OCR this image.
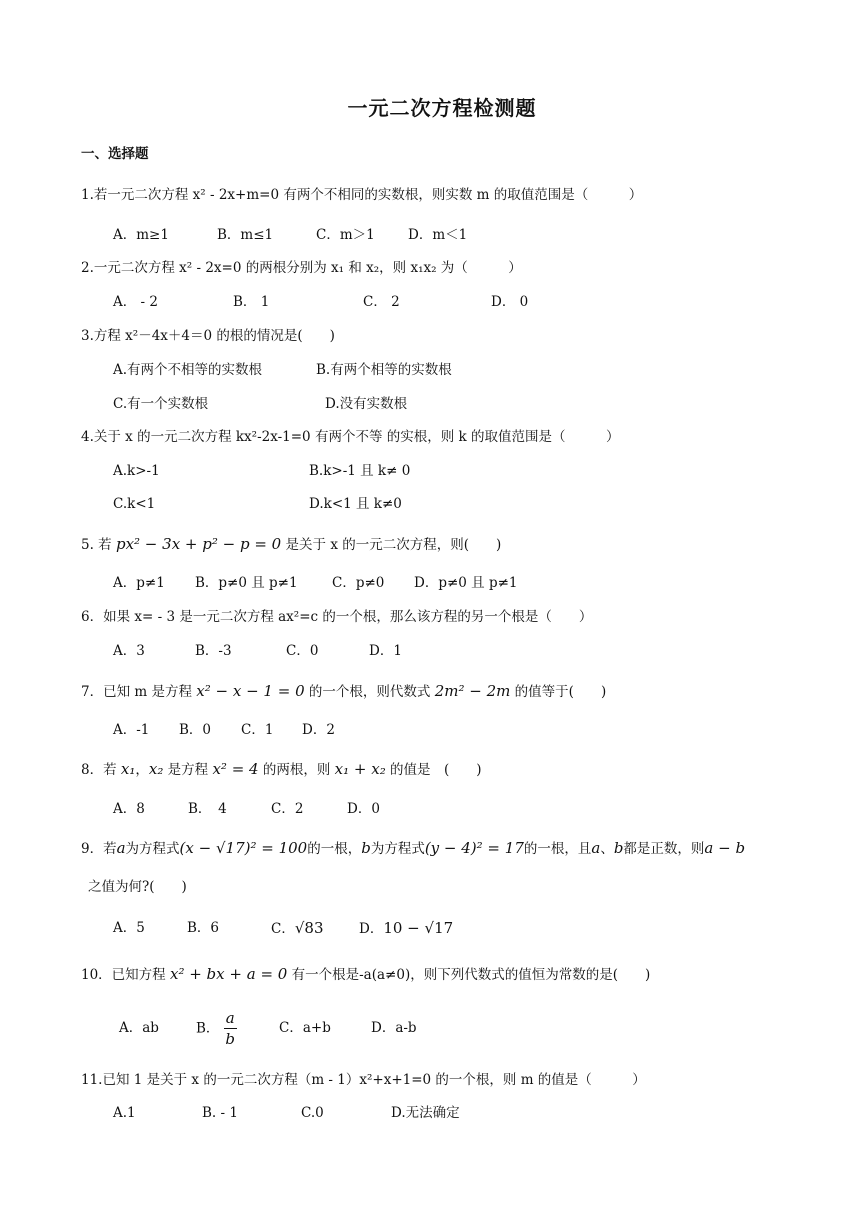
一元二次方程检测题
一、选择题
1.若一元二次方程 x² - 2x+m=0 有两个不相同的实数根，则实数 m 的取值范围是（　　　）
A．m≥1	B．m≤1	C．m＞1 D．m＜1
2.一元二次方程 x² - 2x=0 的两根分别为 x₁ 和 x₂，则 x₁x₂ 为（　　　）
A． - 2	B． 1	C． 2	D． 0
3.方程 x²－4x＋4＝0 的根的情况是(　　)
A.有两个不相等的实数根	B.有两个相等的实数根
C.有一个实数根	D.没有实数根
4.关于 x 的一元二次方程 kx²-2x-1=0 有两个不等 的实根，则 k 的取值范围是（　　　）
A.k>-1	B.k>-1 且 k≠ 0
C.k<1	D.k<1 且 k≠0
5. 若 px² − 3x + p² − p = 0 是关于 x 的一元二次方程，则(　　)
A．p≠1 B．p≠0 且 p≠1	C．p≠0 D．p≠0 且 p≠1
6．如果 x= - 3 是一元二次方程 ax²=c 的一个根，那么该方程的另一个根是（　　）
A．3	B．-3	C．0	D．1
7．已知 m 是方程 x² − x − 1 = 0 的一个根，则代数式 2m² − 2m 的值等于(　　)
A．-1 B．0 C．1 D．2
8．若 x₁，x₂ 是方程 x² = 4 的两根，则 x₁ + x₂ 的值是　(　　)
A．8	B．　4	C．2	D．0
9．若a为方程式(x − √17)² = 100的一根，b为方程式(y − 4)² = 17的一根，且a、b都是正数，则a − b
之值为何?(　　)
A．5	B．6	C．√83	D．10 − √17
10．已知方程 x² + bx + a = 0 有一个根是-a(a≠0)，则下列代数式的值恒为常数的是(　　)
A．ab	B． $\frac{a}{b}$	C．a+b	D．a-b
11.已知 1 是关于 x 的一元二次方程（m - 1）x²+x+1=0 的一个根，则 m 的值是（　　　）
A.1	B. - 1	C.0	D.无法确定
